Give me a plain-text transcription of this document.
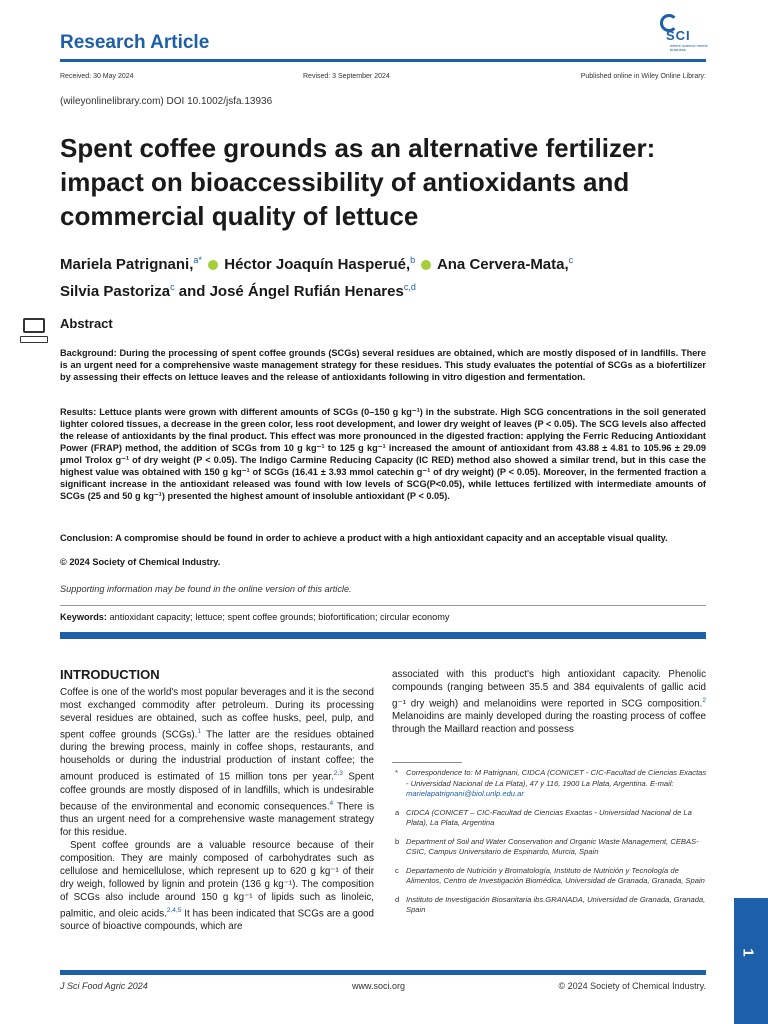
Research Article	SCI
where science meets business
Received: 30 May 2024	Revised: 3 September 2024	Published online in Wiley Online Library:
(wileyonlinelibrary.com) DOI 10.1002/jsfa.13936
Spent coffee grounds as an alternative fertilizer: impact on bioaccessibility of antioxidants and commercial quality of lettuce
Mariela Patrignani,$^{a*}$ Héctor Joaquín Hasperué,$^b$ Ana Cervera-Mata,$^c$
Silvia Pastoriza$^c$ and José Ángel Rufián Henares$^{c,d}$
Abstract

Background: During the processing of spent coffee grounds (SCGs) several residues are obtained, which are mostly disposed of in landfills. There is an urgent need for a comprehensive waste management strategy for these residues. This study evaluates the potential of SCGs as a biofertilizer by assessing their effects on lettuce leaves and the release of antioxidants following in vitro digestion and fermentation.

Results: Lettuce plants were grown with different amounts of SCGs (0–150 g kg⁻¹) in the substrate. High SCG concentrations in the soil generated lighter colored tissues, a decrease in the green color, less root development, and lower dry weight of leaves (P < 0.05). The SCG levels also affected the release of antioxidants by the final product. This effect was more pronounced in the digested fraction: applying the Ferric Reducing Antioxidant Power (FRAP) method, the addition of SCGs from 10 g kg⁻¹ to 125 g kg⁻¹ increased the amount of antioxidant from 43.88 ± 4.81 to 105.96 ± 29.09 μmol Trolox g⁻¹ of dry weight (P < 0.05). The Indigo Carmine Reducing Capacity (IC RED) method also showed a similar trend, but in this case the highest value was obtained with 150 g kg⁻¹ of SCGs (16.41 ± 3.93 mmol catechin g⁻¹ of dry weight) (P < 0.05). Moreover, in the fermented fraction a significant increase in the antioxidant released was found with low levels of SCG(P<0.05), while lettuces fertilized with intermediate amounts of SCGs (25 and 50 g kg⁻¹) presented the highest amount of insoluble antioxidant (P < 0.05).

Conclusion: A compromise should be found in order to achieve a product with a high antioxidant capacity and an acceptable visual quality.

© 2024 Society of Chemical Industry.
Supporting information may be found in the online version of this article.
Keywords: antioxidant capacity; lettuce; spent coffee grounds; biofortification; circular economy
INTRODUCTION

Coffee is one of the world's most popular beverages and it is the second most exchanged commodity after petroleum. During its processing several residues are obtained, such as coffee husks, peel, pulp, and spent coffee grounds (SCGs).$^1$ The latter are the residues obtained during the brewing process, mainly in coffee shops, restaurants, and households or during the industrial production of instant coffee; the amount produced is estimated of 15 million tons per year.$^{2,3}$ Spent coffee grounds are mostly disposed of in landfills, which is undesirable because of the environmental and economic consequences.$^4$ There is thus an urgent need for a comprehensive waste management strategy for this residue.

Spent coffee grounds are a valuable resource because of their composition. They are mainly composed of carbohydrates such as cellulose and hemicellulose, which represent up to 620 g kg⁻¹ of their dry weigh, followed by lignin and protein (136 g kg⁻¹). The composition of SCGs also include around 150 g kg⁻¹ of lipids such as linoleic, palmitic, and oleic acids.$^{2,4,5}$ It has been indicated that SCGs are a good source of bioactive compounds, which are

associated with this product's high antioxidant capacity. Phenolic compounds (ranging between 35.5 and 384 equivalents of gallic acid g⁻¹ dry weigh) and melanoidins were reported in SCG composition.$^2$ Melanoidins are mainly developed during the roasting process of coffee through the Maillard reaction and possess

* Correspondence to: M Patrignani, CIDCA (CONICET - CIC-Facultad de Ciencias Exactas - Universidad Nacional de La Plata), 47 y 116, 1900 La Plata, Argentina. E-mail: marielapatrignani@biol.unlp.edu.ar
a CIDCA (CONICET – CIC-Facultad de Ciencias Exactas - Universidad Nacional de La Plata), La Plata, Argentina
b Department of Soil and Water Conservation and Organic Waste Management, CEBAS-CSIC, Campus Universitario de Espinardo, Murcia, Spain
c Departamento de Nutrición y Bromatología, Instituto de Nutrición y Tecnología de Alimentos, Centro de Investigación Biomédica, Universidad de Granada, Granada, Spain
d Instituto de Investigación Biosanitaria ibs.GRANADA, Universidad de Granada, Granada, Spain
1
J Sci Food Agric 2024	www.soci.org	© 2024 Society of Chemical Industry.
